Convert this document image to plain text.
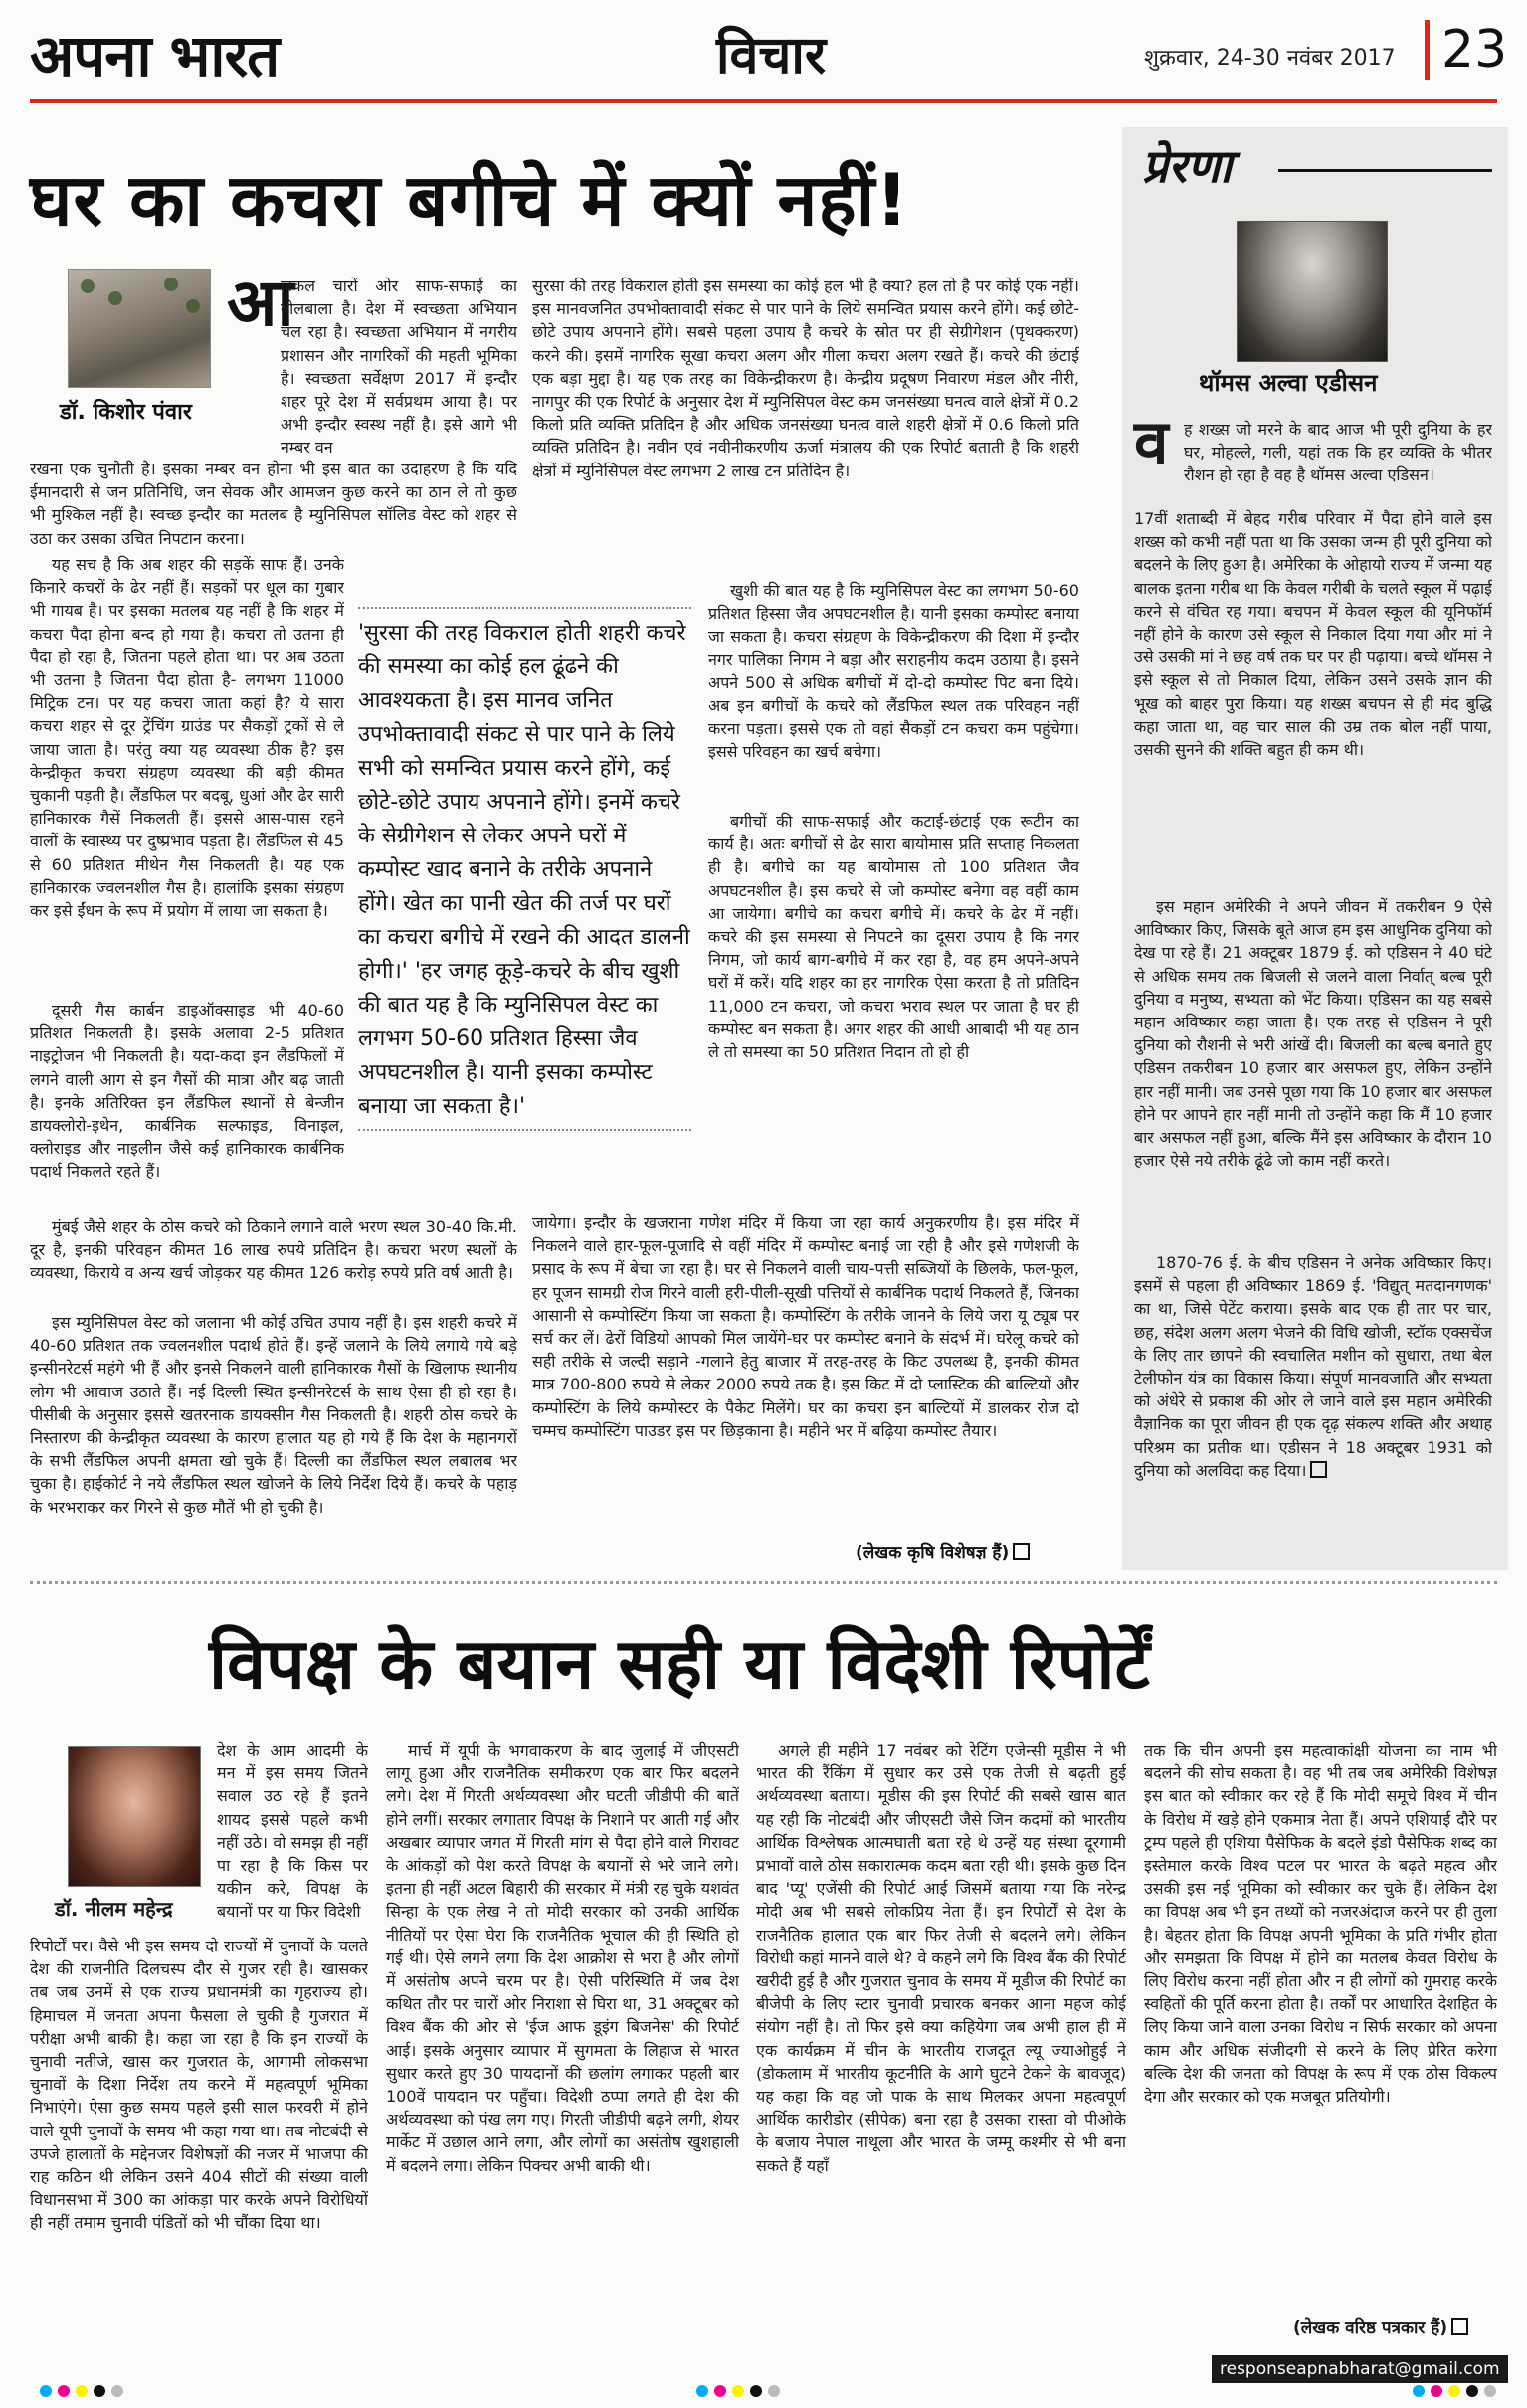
अपना भारत	विचार	शुक्रवार, 24-30 नवंबर 2017 23
घर का कचरा बगीचे में क्यों नहीं!
डॉ. किशोर पंवार
आ
जकल चारों ओर साफ-सफाई का बोलबाला है। देश में स्वच्छता अभियान चल रहा है। स्वच्छता अभियान में नगरीय प्रशासन और नागरिकों की महती भूमिका है। स्वच्छता सर्वेक्षण 2017 में इन्दौर शहर पूरे देश में सर्वप्रथम आया है। पर अभी इन्दौर स्वस्थ नहीं है। इसे आगे भी नम्बर वन
रखना एक चुनौती है। इसका नम्बर वन होना भी इस बात का उदाहरण है कि यदि ईमानदारी से जन प्रतिनिधि, जन सेवक और आमजन कुछ करने का ठान ले तो कुछ भी मुश्किल नहीं है। स्वच्छ इन्दौर का मतलब है म्युनिसिपल सॉलिड वेस्ट को शहर से उठा कर उसका उचित निपटान करना।
यह सच है कि अब शहर की सड़कें साफ हैं। उनके किनारे कचरों के ढेर नहीं हैं। सड़कों पर धूल का गुबार भी गायब है। पर इसका मतलब यह नहीं है कि शहर में कचरा पैदा होना बन्द हो गया है। कचरा तो उतना ही पैदा हो रहा है, जितना पहले होता था। पर अब उठता भी उतना है जितना पैदा होता है- लगभग 11000 मिट्रिक टन। पर यह कचरा जाता कहां है? ये सारा कचरा शहर से दूर ट्रेंचिंग ग्राउंड पर सैकड़ों ट्रकों से ले जाया जाता है। परंतु क्या यह व्यवस्था ठीक है? इस केन्द्रीकृत कचरा संग्रहण व्यवस्था की बड़ी कीमत चुकानी पड़ती है। लैंडफिल पर बदबू, धुआं और ढेर सारी हानिकारक गैसें निकलती हैं। इससे आस-पास रहने वालों के स्वास्थ्य पर दुष्प्रभाव पड़ता है। लैंडफिल से 45 से 60 प्रतिशत मीथेन गैस निकलती है। यह एक हानिकारक ज्वलनशील गैस है। हालांकि इसका संग्रहण कर इसे ईंधन के रूप में प्रयोग में लाया जा सकता है।
दूसरी गैस कार्बन डाइऑक्साइड भी 40-60 प्रतिशत निकलती है। इसके अलावा 2-5 प्रतिशत नाइट्रोजन भी निकलती है। यदा-कदा इन लैंडफिलों में लगने वाली आग से इन गैसों की मात्रा और बढ़ जाती है। इनके अतिरिक्त इन लैंडफिल स्थानों से बेन्जीन डायक्लोरो-इथेन, कार्बनिक सल्फाइड, विनाइल, क्लोराइड और नाइलीन जैसे कई हानिकारक कार्बनिक पदार्थ निकलते रहते हैं।
मुंबई जैसे शहर के ठोस कचरे को ठिकाने लगाने वाले भरण स्थल 30-40 कि.मी. दूर है, इनकी परिवहन कीमत 16 लाख रुपये प्रतिदिन है। कचरा भरण स्थलों के व्यवस्था, किराये व अन्य खर्च जोड़कर यह कीमत 126 करोड़ रुपये प्रति वर्ष आती है।
इस म्युनिसिपल वेस्ट को जलाना भी कोई उचित उपाय नहीं है। इस शहरी कचरे में 40-60 प्रतिशत तक ज्वलनशील पदार्थ होते हैं। इन्हें जलाने के लिये लगाये गये बड़े इन्सीनरेटर्स महंगे भी हैं और इनसे निकलने वाली हानिकारक गैसों के खिलाफ स्थानीय लोग भी आवाज उठाते हैं। नई दिल्ली स्थित इन्सीनरेटर्स के साथ ऐसा ही हो रहा है। पीसीबी के अनुसार इससे खतरनाक डायक्सीन गैस निकलती है। शहरी ठोस कचरे के निस्तारण की केन्द्रीकृत व्यवस्था के कारण हालात यह हो गये हैं कि देश के महानगरों के सभी लैंडफिल अपनी क्षमता खो चुके हैं। दिल्ली का लैंडफिल स्थल लबालब भर चुका है। हाईकोर्ट ने नये लैंडफिल स्थल खोजने के लिये निर्देश दिये हैं। कचरे के पहाड़ के भरभराकर कर गिरने से कुछ मौतें भी हो चुकी है।
सुरसा की तरह विकराल होती इस समस्या का कोई हल भी है क्या? हल तो है पर कोई एक नहीं। इस मानवजनित उपभोक्तावादी संकट से पार पाने के लिये समन्वित प्रयास करने होंगे। कई छोटे-छोटे उपाय अपनाने होंगे। सबसे पहला उपाय है कचरे के स्रोत पर ही सेग्रीगेशन (पृथक्करण) करने की। इसमें नागरिक सूखा कचरा अलग और गीला कचरा अलग रखते हैं। कचरे की छंटाई एक बड़ा मुद्दा है। यह एक तरह का विकेन्द्रीकरण है। केन्द्रीय प्रदूषण निवारण मंडल और नीरी, नागपुर की एक रिपोर्ट के अनुसार देश में म्युनिसिपल वेस्ट कम जनसंख्या घनत्व वाले क्षेत्रों में 0.2 किलो प्रति व्यक्ति प्रतिदिन है और अधिक जनसंख्या घनत्व वाले शहरी क्षेत्रों में 0.6 किलो प्रति व्यक्ति प्रतिदिन है। नवीन एवं नवीनीकरणीय ऊर्जा मंत्रालय की एक रिपोर्ट बताती है कि शहरी क्षेत्रों में म्युनिसिपल वेस्ट लगभग 2 लाख टन प्रतिदिन है।
'सुरसा की तरह विकराल होती शहरी कचरे की समस्या का कोई हल ढूंढने की आवश्यकता है। इस मानव जनित उपभोक्तावादी संकट से पार पाने के लिये सभी को समन्वित प्रयास करने होंगे, कई छोटे-छोटे उपाय अपनाने होंगे। इनमें कचरे के सेग्रीगेशन से लेकर अपने घरों में कम्पोस्ट खाद बनाने के तरीके अपनाने होंगे। खेत का पानी खेत की तर्ज पर घरों का कचरा बगीचे में रखने की आदत डालनी होगी।' 'हर जगह कूड़े-कचरे के बीच खुशी की बात यह है कि म्युनिसिपल वेस्ट का लगभग 50-60 प्रतिशत हिस्सा जैव अपघटनशील है। यानी इसका कम्पोस्ट बनाया जा सकता है।'
खुशी की बात यह है कि म्युनिसिपल वेस्ट का लगभग 50-60 प्रतिशत हिस्सा जैव अपघटनशील है। यानी इसका कम्पोस्ट बनाया जा सकता है। कचरा संग्रहण के विकेन्द्रीकरण की दिशा में इन्दौर नगर पालिका निगम ने बड़ा और सराहनीय कदम उठाया है। इसने अपने 500 से अधिक बगीचों में दो-दो कम्पोस्ट पिट बना दिये। अब इन बगीचों के कचरे को लैंडफिल स्थल तक परिवहन नहीं करना पड़ता। इससे एक तो वहां सैकड़ों टन कचरा कम पहुंचेगा। इससे परिवहन का खर्च बचेगा।
बगीचों की साफ-सफाई और कटाई-छंटाई एक रूटीन का कार्य है। अतः बगीचों से ढेर सारा बायोमास प्रति सप्ताह निकलता ही है। बगीचे का यह बायोमास तो 100 प्रतिशत जैव अपघटनशील है। इस कचरे से जो कम्पोस्ट बनेगा वह वहीं काम आ जायेगा। बगीचे का कचरा बगीचे में। कचरे के ढेर में नहीं। कचरे की इस समस्या से निपटने का दूसरा उपाय है कि नगर निगम, जो कार्य बाग-बगीचे में कर रहा है, वह हम अपने-अपने घरों में करें। यदि शहर का हर नागरिक ऐसा करता है तो प्रतिदिन 11,000 टन कचरा, जो कचरा भराव स्थल पर जाता है घर ही कम्पोस्ट बन सकता है। अगर शहर की आधी आबादी भी यह ठान ले तो समस्या का 50 प्रतिशत निदान तो हो ही
जायेगा। इन्दौर के खजराना गणेश मंदिर में किया जा रहा कार्य अनुकरणीय है। इस मंदिर में निकलने वाले हार-फूल-पूजादि से वहीं मंदिर में कम्पोस्ट बनाई जा रही है और इसे गणेशजी के प्रसाद के रूप में बेचा जा रहा है। घर से निकलने वाली चाय-पत्ती सब्जियों के छिलके, फल-फूल, हर पूजन सामग्री रोज गिरने वाली हरी-पीली-सूखी पत्तियों से कार्बनिक पदार्थ निकलते हैं, जिनका आसानी से कम्पोस्टिंग किया जा सकता है। कम्पोस्टिंग के तरीके जानने के लिये जरा यू ट्यूब पर सर्च कर लें। ढेरों विडियो आपको मिल जायेंगे-घर पर कम्पोस्ट बनाने के संदर्भ में। घरेलू कचरे को सही तरीके से जल्दी सड़ाने -गलाने हेतु बाजार में तरह-तरह के किट उपलब्ध है, इनकी कीमत मात्र 700-800 रुपये से लेकर 2000 रुपये तक है। इस किट में दो प्लास्टिक की बाल्टियों और कम्पोस्टिंग के लिये कम्पोस्टर के पैकेट मिलेंगे। घर का कचरा इन बाल्टियों में डालकर रोज दो चम्मच कम्पोस्टिंग पाउडर इस पर छिड़काना है। महीने भर में बढ़िया कम्पोस्ट तैयार।
(लेखक कृषि विशेषज्ञ हैं)
प्रेरणा
थॉमस अल्वा एडीसन
व ह शख्स जो मरने के बाद आज भी पूरी दुनिया के हर घर, मोहल्ले, गली, यहां तक कि हर व्यक्ति के भीतर रौशन हो रहा है वह है थॉमस अल्वा एडिसन।
17वीं शताब्दी में बेहद गरीब परिवार में पैदा होने वाले इस शख्स को कभी नहीं पता था कि उसका जन्म ही पूरी दुनिया को बदलने के लिए हुआ है। अमेरिका के ओहायो राज्य में जन्मा यह बालक इतना गरीब था कि केवल गरीबी के चलते स्कूल में पढ़ाई करने से वंचित रह गया। बचपन में केवल स्कूल की यूनिफॉर्म नहीं होने के कारण उसे स्कूल से निकाल दिया गया और मां ने उसे उसकी मां ने छह वर्ष तक घर पर ही पढ़ाया। बच्चे थॉमस ने इसे स्कूल से तो निकाल दिया, लेकिन उसने उसके ज्ञान की भूख को बाहर पुरा किया। यह शख्स बचपन से ही मंद बुद्धि कहा जाता था, वह चार साल की उम्र तक बोल नहीं पाया, उसकी सुनने की शक्ति बहुत ही कम थी।
इस महान अमेरिकी ने अपने जीवन में तकरीबन 9 ऐसे आविष्कार किए, जिसके बूते आज हम इस आधुनिक दुनिया को देख पा रहे हैं। 21 अक्टूबर 1879 ई. को एडिसन ने 40 घंटे से अधिक समय तक बिजली से जलने वाला निर्वात् बल्ब पूरी दुनिया व मनुष्य, सभ्यता को भेंट किया। एडिसन का यह सबसे महान अविष्कार कहा जाता है। एक तरह से एडिसन ने पूरी दुनिया को रौशनी से भरी आंखें दी। बिजली का बल्ब बनाते हुए एडिसन तकरीबन 10 हजार बार असफल हुए, लेकिन उन्होंने हार नहीं मानी। जब उनसे पूछा गया कि 10 हजार बार असफल होने पर आपने हार नहीं मानी तो उन्होंने कहा कि मैं 10 हजार बार असफल नहीं हुआ, बल्कि मैंने इस अविष्कार के दौरान 10 हजार ऐसे नये तरीके ढूंढे जो काम नहीं करते।
1870-76 ई. के बीच एडिसन ने अनेक अविष्कार किए। इसमें से पहला ही अविष्कार 1869 ई. 'विद्युत् मतदानगणक' का था, जिसे पेटेंट कराया। इसके बाद एक ही तार पर चार, छह, संदेश अलग अलग भेजने की विधि खोजी, स्टॉक एक्सचेंज के लिए तार छापने की स्वचालित मशीन को सुधारा, तथा बेल टेलीफोन यंत्र का विकास किया। संपूर्ण मानवजाति और सभ्यता को अंधेरे से प्रकाश की ओर ले जाने वाले इस महान अमेरिकी वैज्ञानिक का पूरा जीवन ही एक दृढ़ संकल्प शक्ति और अथाह परिश्रम का प्रतीक था। एडीसन ने 18 अक्टूबर 1931 को दुनिया को अलविदा कह दिया।
विपक्ष के बयान सही या विदेशी रिपोर्टें
डॉ. नीलम महेन्द्र
देश के आम आदमी के मन में इस समय जितने सवाल उठ रहे हैं इतने शायद इससे पहले कभी नहीं उठे। वो समझ ही नहीं पा रहा है कि किस पर यकीन करे, विपक्ष के बयानों पर या फिर विदेशी
रिपोर्टों पर। वैसे भी इस समय दो राज्यों में चुनावों के चलते देश की राजनीति दिलचस्प दौर से गुजर रही है। खासकर तब जब उनमें से एक राज्य प्रधानमंत्री का गृहराज्य हो। हिमाचल में जनता अपना फैसला ले चुकी है गुजरात में परीक्षा अभी बाकी है। कहा जा रहा है कि इन राज्यों के चुनावी नतीजे, खास कर गुजरात के, आगामी लोकसभा चुनावों के दिशा निर्देश तय करने में महत्वपूर्ण भूमिका निभाएंगे। ऐसा कुछ समय पहले इसी साल फरवरी में होने वाले यूपी चुनावों के समय भी कहा गया था। तब नोटबंदी से उपजे हालातों के मद्देनजर विशेषज्ञों की नजर में भाजपा की राह कठिन थी लेकिन उसने 404 सीटों की संख्या वाली विधानसभा में 300 का आंकड़ा पार करके अपने विरोधियों ही नहीं तमाम चुनावी पंडितों को भी चौंका दिया था।
मार्च में यूपी के भगवाकरण के बाद जुलाई में जीएसटी लागू हुआ और राजनैतिक समीकरण एक बार फिर बदलने लगे। देश में गिरती अर्थव्यवस्था और घटती जीडीपी की बातें होने लगीं। सरकार लगातार विपक्ष के निशाने पर आती गई और अखबार व्यापार जगत में गिरती मांग से पैदा होने वाले गिरावट के आंकड़ों को पेश करते विपक्ष के बयानों से भरे जाने लगे। इतना ही नहीं अटल बिहारी की सरकार में मंत्री रह चुके यशवंत सिन्हा के एक लेख ने तो मोदी सरकार को उनकी आर्थिक नीतियों पर ऐसा घेरा कि राजनैतिक भूचाल की ही स्थिति हो गई थी। ऐसे लगने लगा कि देश आक्रोश से भरा है और लोगों में असंतोष अपने चरम पर है। ऐसी परिस्थिति में जब देश कथित तौर पर चारों ओर निराशा से घिरा था, 31 अक्टूबर को विश्व बैंक की ओर से 'ईज आफ डूइंग बिजनेस' की रिपोर्ट आई। इसके अनुसार व्यापार में सुगमता के लिहाज से भारत सुधार करते हुए 30 पायदानों की छलांग लगाकर पहली बार 100वें पायदान पर पहुँचा। विदेशी ठप्पा लगते ही देश की अर्थव्यवस्था को पंख लग गए। गिरती जीडीपी बढ़ने लगी, शेयर मार्केट में उछाल आने लगा, और लोगों का असंतोष खुशहाली में बदलने लगा। लेकिन पिक्चर अभी बाकी थी।
अगले ही महीने 17 नवंबर को रेटिंग एजेन्सी मूडीस ने भी भारत की रैंकिंग में सुधार कर उसे एक तेजी से बढ़ती हुई अर्थव्यवस्था बताया। मूडीस की इस रिपोर्ट की सबसे खास बात यह रही कि नोटबंदी और जीएसटी जैसे जिन कदमों को भारतीय आर्थिक विश्लेषक आत्मघाती बता रहे थे उन्हें यह संस्था दूरगामी प्रभावों वाले ठोस सकारात्मक कदम बता रही थी। इसके कुछ दिन बाद 'प्यू' एजेंसी की रिपोर्ट आई जिसमें बताया गया कि नरेन्द्र मोदी अब भी सबसे लोकप्रिय नेता हैं। इन रिपोर्टों से देश के राजनैतिक हालात एक बार फिर तेजी से बदलने लगे। लेकिन विरोधी कहां मानने वाले थे? वे कहने लगे कि विश्व बैंक की रिपोर्ट खरीदी हुई है और गुजरात चुनाव के समय में मूडीज की रिपोर्ट का बीजेपी के लिए स्टार चुनावी प्रचारक बनकर आना महज कोई संयोग नहीं है। तो फिर इसे क्या कहियेगा जब अभी हाल ही में एक कार्यक्रम में चीन के भारतीय राजदूत ल्यू ज्याओहुई ने (डोकलाम में भारतीय कूटनीति के आगे घुटने टेकने के बावजूद) यह कहा कि वह जो पाक के साथ मिलकर अपना महत्वपूर्ण आर्थिक कारीडोर (सीपेक) बना रहा है उसका रास्ता वो पीओके के बजाय नेपाल नाथूला और भारत के जम्मू कश्मीर से भी बना सकते हैं यहाँ
तक कि चीन अपनी इस महत्वाकांक्षी योजना का नाम भी बदलने की सोच सकता है। वह भी तब जब अमेरिकी विशेषज्ञ इस बात को स्वीकार कर रहे हैं कि मोदी समूचे विश्व में चीन के विरोध में खड़े होने एकमात्र नेता हैं। अपने एशियाई दौरे पर ट्रम्प पहले ही एशिया पैसेफिक के बदले इंडो पैसेफिक शब्द का इस्तेमाल करके विश्व पटल पर भारत के बढ़ते महत्व और उसकी इस नई भूमिका को स्वीकार कर चुके हैं। लेकिन देश का विपक्ष अब भी इन तथ्यों को नजरअंदाज करने पर ही तुला है। बेहतर होता कि विपक्ष अपनी भूमिका के प्रति गंभीर होता और समझता कि विपक्ष में होने का मतलब केवल विरोध के लिए विरोध करना नहीं होता और न ही लोगों को गुमराह करके स्वहितों की पूर्ति करना होता है। तर्कों पर आधारित देशहित के लिए किया जाने वाला उनका विरोध न सिर्फ सरकार को अपना काम और अधिक संजीदगी से करने के लिए प्रेरित करेगा बल्कि देश की जनता को विपक्ष के रूप में एक ठोस विकल्प देगा और सरकार को एक मजबूत प्रतियोगी।
(लेखक वरिष्ठ पत्रकार हैं)
responseapnabharat@gmail.com
